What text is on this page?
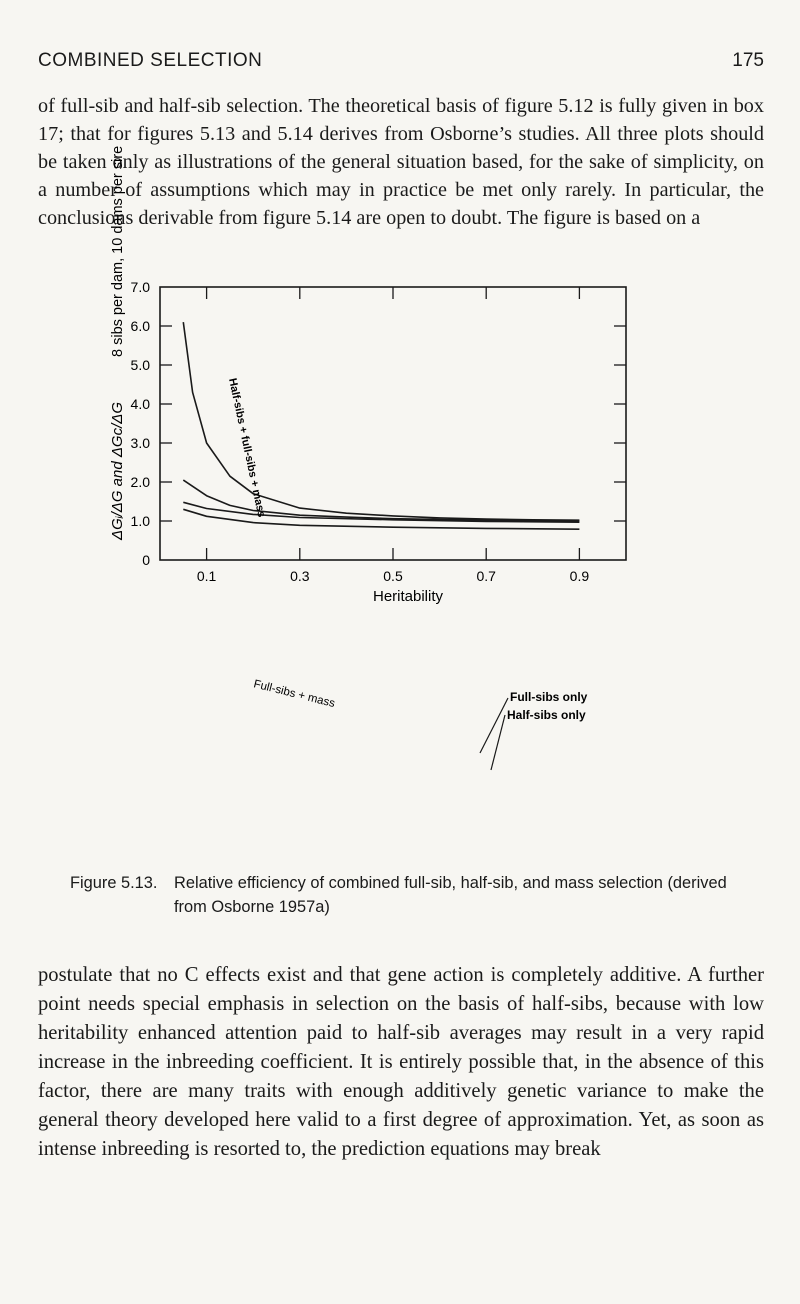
COMBINED SELECTION	175

of full-sib and half-sib selection. The theoretical basis of figure 5.12 is fully given in box 17; that for figures 5.13 and 5.14 derives from Osborne’s studies. All three plots should be taken only as illustrations of the general situation based, for the sake of simplicity, on a number of assumptions which may in practice be met only rarely. In particular, the conclusions derivable from figure 5.14 are open to doubt. The figure is based on a

0
1.0
2.0
3.0
4.0
5.0
6.0
7.0
0.1	0.3	0.5	0.7	0.9
Heritability
ΔGᵢ/ΔG and ΔGc/ΔG
8 sibs per dam, 10 dams per sire
Half-sibs + full-sibs + mass
Full-sibs + mass	Full-sibs only
Half-sibs only
Figure 5.13. Relative efficiency of combined full-sib, half-sib, and mass selection (derived from Osborne 1957a)

postulate that no C effects exist and that gene action is completely additive. A further point needs special emphasis in selection on the basis of half-sibs, because with low heritability enhanced attention paid to half-sib averages may result in a very rapid increase in the inbreeding coefficient. It is entirely possible that, in the absence of this factor, there are many traits with enough additively genetic variance to make the general theory developed here valid to a first degree of approximation. Yet, as soon as intense inbreeding is resorted to, the prediction equations may break
